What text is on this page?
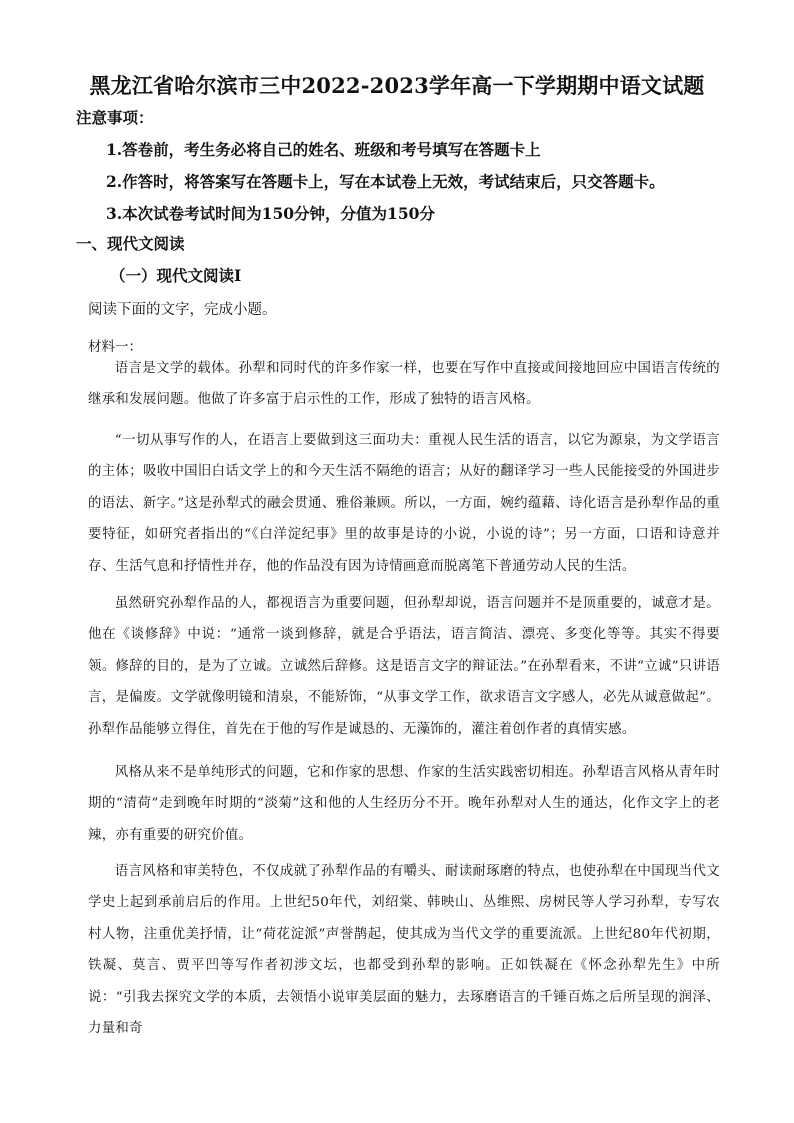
黑龙江省哈尔滨市三中2022-2023学年高一下学期期中语文试题
注意事项：
1.答卷前，考生务必将自己的姓名、班级和考号填写在答题卡上
2.作答时，将答案写在答题卡上，写在本试卷上无效，考试结束后，只交答题卡。
3.本次试卷考试时间为150分钟，分值为150分
一、现代文阅读
（一）现代文阅读Ⅰ
阅读下面的文字，完成小题。
材料一：

语言是文学的载体。孙犁和同时代的许多作家一样，也要在写作中直接或间接地回应中国语言传统的继承和发展问题。他做了许多富于启示性的工作，形成了独特的语言风格。

“一切从事写作的人，在语言上要做到这三面功夫：重视人民生活的语言，以它为源泉，为文学语言的主体；吸收中国旧白话文学上的和今天生活不隔绝的语言；从好的翻译学习一些人民能接受的外国进步的语法、新字。”这是孙犁式的融会贯通、雅俗兼顾。所以，一方面，婉约蕴藉、诗化语言是孙犁作品的重要特征，如研究者指出的“《白洋淀纪事》里的故事是诗的小说，小说的诗”；另一方面，口语和诗意并存、生活气息和抒情性并存，他的作品没有因为诗情画意而脱离笔下普通劳动人民的生活。

虽然研究孙犁作品的人，都视语言为重要问题，但孙犁却说，语言问题并不是顶重要的，诚意才是。他在《谈修辞》中说：“通常一谈到修辞，就是合乎语法，语言简洁、漂亮、多变化等等。其实不得要领。修辞的目的，是为了立诚。立诚然后辞修。这是语言文字的辩证法。”在孙犁看来，不讲“立诚”只讲语言，是偏废。文学就像明镜和清泉，不能矫饰，“从事文学工作，欲求语言文字感人，必先从诚意做起”。孙犁作品能够立得住，首先在于他的写作是诚恳的、无藻饰的，灌注着创作者的真情实感。

风格从来不是单纯形式的问题，它和作家的思想、作家的生活实践密切相连。孙犁语言风格从青年时期的“清荷”走到晚年时期的“淡菊”这和他的人生经历分不开。晚年孙犁对人生的通达，化作文字上的老辣，亦有重要的研究价值。

语言风格和审美特色，不仅成就了孙犁作品的有嚼头、耐读耐琢磨的特点，也使孙犁在中国现当代文学史上起到承前启后的作用。上世纪50年代，刘绍棠、韩映山、丛维熙、房树民等人学习孙犁，专写农村人物，注重优美抒情，让“荷花淀派”声誉鹊起，使其成为当代文学的重要流派。上世纪80年代初期，铁凝、莫言、贾平凹等写作者初涉文坛，也都受到孙犁的影响。正如铁凝在《怀念孙犁先生》中所说：“引我去探究文学的本质，去领悟小说审美层面的魅力，去琢磨语言的千锤百炼之后所呈现的润泽、力量和奇
